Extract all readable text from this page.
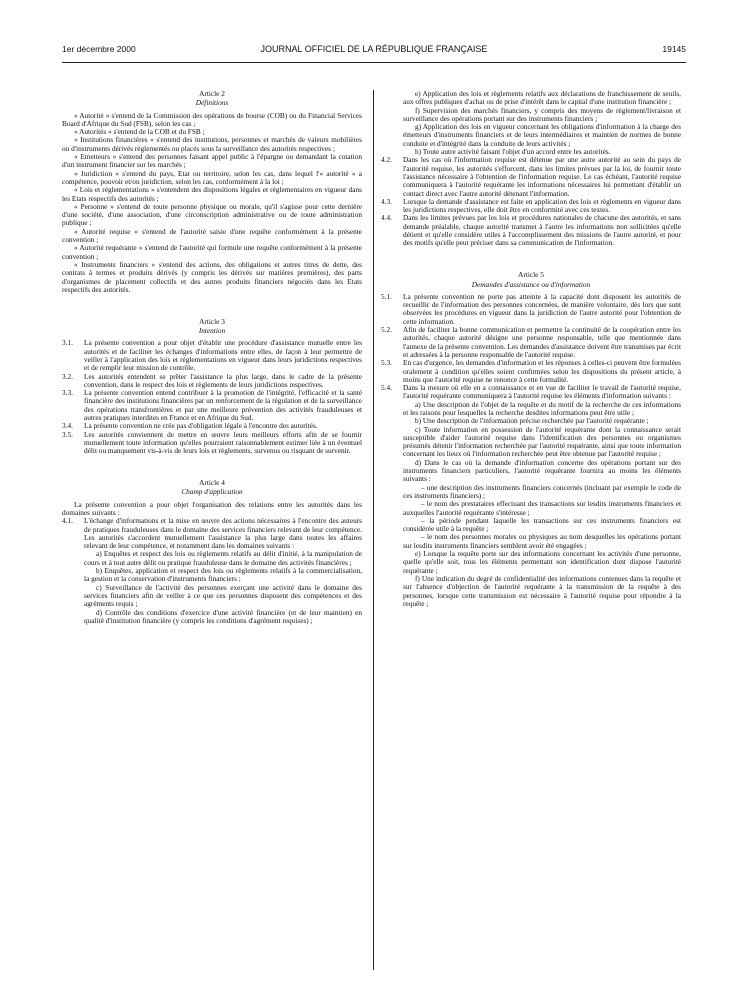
1er décembre 2000	JOURNAL OFFICIEL DE LA RÉPUBLIQUE FRANÇAISE	19145

Article 2

Définitions

« Autorité » s'entend de la Commission des opérations de bourse (COB) ou du Financial Services Board d'Afrique du Sud (FSB), selon les cas ;

« Autorités » s'entend de la COB et du FSB ;

« Institutions financières » s'entend des institutions, personnes et marchés de valeurs mobilières ou d'instruments dérivés réglementés ou placés sous la surveillance des autorités respectives ;

« Emetteurs » s'entend des personnes faisant appel public à l'épargne ou demandant la cotation d'un instrument financier sur les marchés ;

« Juridiction » s'entend du pays, Etat ou territoire, selon les cas, dans lequel l'« autorité » a compétence, pouvoir et/ou juridiction, selon les cas, conformément à la loi ;

« Lois et réglementations » s'entendent des dispositions légales et réglementaires en vigueur dans les Etats respectifs des autorités ;

« Personne » s'entend de toute personne physique ou morale, qu'il s'agisse pour cette dernière d'une société, d'une association, d'une circonscription administrative ou de toute administration publique ;

« Autorité requise » s'entend de l'autorité saisie d'une requête conformément à la présente convention ;

« Autorité requérante » s'entend de l'autorité qui formule une requête conformément à la présente convention ;

« Instruments financiers » s'entend des actions, des obligations et autres titres de dette, des contrats à termes et produits dérivés (y compris les dérivés sur matières premières), des parts d'organismes de placement collectifs et des autres produits financiers négociés dans les Etats respectifs des autorités.

Article 3

Intention

3.1. La présente convention a pour objet d'établir une procédure d'assistance mutuelle entre les autorités et de faciliter les échanges d'informations entre elles, de façon à leur permettre de veiller à l'application des lois et réglementations en vigueur dans leurs juridictions respectives et de remplir leur mission de contrôle.

3.2. Les autorités entendent se prêter l'assistance la plus large, dans le cadre de la présente convention, dans le respect des lois et règlements de leurs juridictions respectives.

3.3. La présente convention entend contribuer à la promotion de l'intégrité, l'efficacité et la santé financière des institutions financières par un renforcement de la régulation et de la surveillance des opérations transfrontières et par une meilleure prévention des activités frauduleuses et autres pratiques interdites en France et en Afrique du Sud.

3.4. La présente convention ne crée pas d'obligation légale à l'encontre des autorités.

3.5. Les autorités conviennent de mettre en œuvre leurs meilleurs efforts afin de se fournir mutuellement toute information qu'elles pourraient raisonnablement estimer liée à un éventuel délit ou manquement vis-à-vis de leurs lois et règlements, survenus ou risquant de survenir.

Article 4

Champ d'application

La présente convention a pour objet l'organisation des relations entre les autorités dans les domaines suivants :

4.1. L'échange d'informations et la mise en œuvre des actions nécessaires à l'encontre des auteurs de pratiques frauduleuses dans le domaine des services financiers relevant de leur compétence. Les autorités s'accordent mutuellement l'assistance la plus large dans toutes les affaires relevant de leur compétence, et notamment dans les domaines suivants :

a) Enquêtes et respect des lois ou règlements relatifs au délit d'initié, à la manipulation de cours et à tout autre délit ou pratique frauduleuse dans le domaine des activités financières ;

b) Enquêtes, application et respect des lois ou règlements relatifs à la commercialisation, la gestion et la conservation d'instruments financiers ;

c) Surveillance de l'activité des personnes exerçant une activité dans le domaine des services financiers afin de veiller à ce que ces personnes disposent des compétences et des agréments requis ;

d) Contrôle des conditions d'exercice d'une activité financière (et de leur maintien) en qualité d'institution financière (y compris les conditions d'agrément requises) ;

e) Application des lois et règlements relatifs aux déclarations de franchissement de seuils, aux offres publiques d'achat ou de prise d'intérêt dans le capital d'une institution financière ;

f) Supervision des marchés financiers, y compris des moyens de règlement/livraison et surveillance des opérations portant sur des instruments financiers ;

g) Application des lois en vigueur concernant les obligations d'information à la charge des émetteurs d'instruments financiers et de leurs intermédiaires et maintien de normes de bonne conduite et d'intégrité dans la conduite de leurs activités ;

h) Toute autre activité faisant l'objet d'un accord entre les autorités.

4.2. Dans les cas où l'information requise est détenue par une autre autorité au sein du pays de l'autorité requise, les autorités s'efforcent, dans les limites prévues par la loi, de fournir toute l'assistance nécessaire à l'obtention de l'information requise. Le cas échéant, l'autorité requise communiquera à l'autorité requérante les informations nécessaires lui permettant d'établir un contact direct avec l'autre autorité détenant l'information.

4.3. Lorsque la demande d'assistance est faite en application des lois et règlements en vigueur dans les juridictions respectives, elle doit être en conformité avec ces textes.

4.4. Dans les limites prévues par les lois et procédures nationales de chacune des autorités, et sans demande préalable, chaque autorité transmet à l'autre les informations non sollicitées qu'elle détient et qu'elle considère utiles à l'accomplissement des missions de l'autre autorité, et pour des motifs qu'elle peut préciser dans sa communication de l'information.

Article 5

Demandes d'assistance ou d'information

5.1. La présente convention ne porte pas atteinte à la capacité dont disposent les autorités de recueillir de l'information des personnes concernées, de manière volontaire, dès lors que sont observées les procédures en vigueur dans la juridiction de l'autre autorité pour l'obtention de cette information.

5.2. Afin de faciliter la bonne communication et permettre la continuité de la coopération entre les autorités, chaque autorité désigne une personne responsable, telle que mentionnée dans l'annexe de la présente convention. Les demandes d'assistance doivent être transmises par écrit et adressées à la personne responsable de l'autorité requise.

5.3. En cas d'urgence, les demandes d'information et les réponses à celles-ci peuvent être formulées oralement à condition qu'elles soient confirmées selon les dispositions du présent article, à moins que l'autorité requise ne renonce à cette formalité.

5.4. Dans la mesure où elle en a connaissance et en vue de faciliter le travail de l'autorité requise, l'autorité requérante communiquera à l'autorité requise les éléments d'information suivants :

a) Une description de l'objet de la requête et du motif de la recherche de ces informations et les raisons pour lesquelles la recherche desdites informations peut être utile ;

b) Une description de l'information précise recherchée par l'autorité requérante ;

c) Toute information en possession de l'autorité requérante dont la connaissance serait susceptible d'aider l'autorité requise dans l'identification des personnes ou organismes présumés détenir l'information recherchée par l'autorité requérante, ainsi que toute information concernant les lieux où l'information recherchée peut être obtenue par l'autorité requise ;

d) Dans le cas où la demande d'information concerne des opérations portant sur des instruments financiers particuliers, l'autorité requérante fournira au moins les éléments suivants :

– une description des instruments financiers concernés (incluant par exemple le code de ces instruments financiers) ;

– le nom des prestataires effectuant des transactions sur lesdits instruments financiers et auxquelles l'autorité requérante s'intéresse ;

– la période pendant laquelle les transactions sur ces instruments financiers est considérée utile à la requête ;

– le nom des personnes morales ou physiques au nom desquelles les opérations portant sur lesdits instruments financiers semblent avoir été engagées ;

e) Lorsque la requête porte sur des informations concernant les activités d'une personne, quelle qu'elle soit, tous les éléments permettant son identification dont dispose l'autorité requérante ;

f) Une indication du degré de confidentialité des informations contenues dans la requête et sur l'absence d'objection de l'autorité requérante à la transmission de la requête à des personnes, lorsque cette transmission est nécessaire à l'autorité requise pour répondre à la requête ;
